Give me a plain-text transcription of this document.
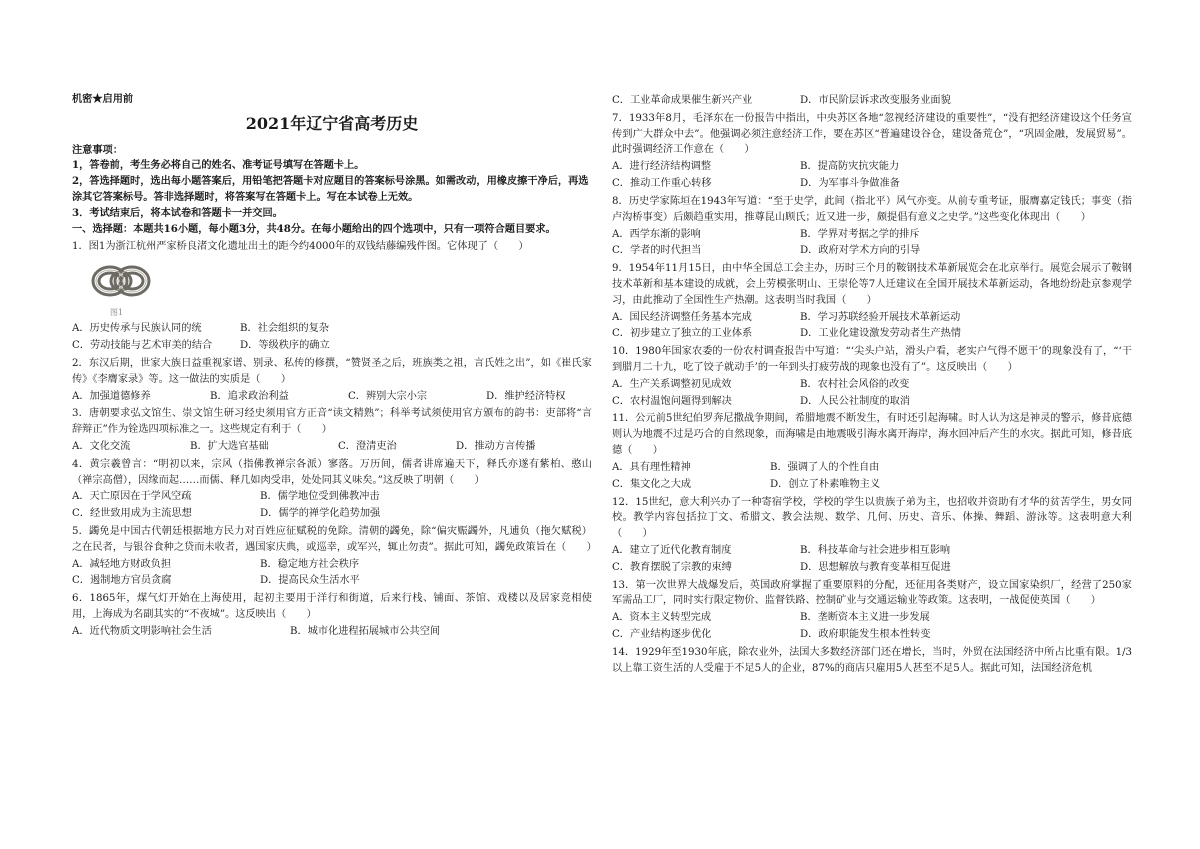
机密★启用前
2021年辽宁省高考历史
注意事项：

1，答卷前，考生务必将自己的姓名、准考证号填写在答题卡上。

2，答选择题时，选出每小题答案后，用铅笔把答题卡对应题目的答案标号涂黑。如需改动，用橡皮擦干净后，再选涂其它答案标号。答非选择题时，将答案写在答题卡上。写在本试卷上无效。

3．考试结束后，将本试卷和答题卡一并交回。

一、选择题：本题共16小题，每小题3分，共48分。在每小题给出的四个选项中，只有一项符合题目要求。

1．图1为浙江杭州严家桥良渚文化遗址出土的距今约4000年的双钱结藤编残件图。它体现了（　　）

图1
A．历史传承与民族认同的统	B．社会组织的复杂
C．劳动技能与艺术审美的结合	D．等级秩序的确立

2．东汉后期，世家大族日益重视家谱、别录、私传的修撰，“赞贤圣之后，班族类之祖，言氏姓之出”，如《崔氏家传》《李膺家录》等。这一做法的实质是（　　）

A．加强道德修养	B．追求政治利益	C．辨别大宗小宗	D．维护经济特权

3．唐朝要求弘文馆生、崇文馆生研习经史须用官方正音“读文精熟”；科举考试须使用官方颁布的韵书：吏部将“言辞辩正”作为铨选四项标准之一。这些规定有利于（　　）

A．文化交流	B．扩大选官基础	C．澄清吏治	D．推动方言传播

4．黄宗羲曾言：“明初以来，宗风（指佛教禅宗各派）寥落。万历间，儒者讲席遍天下，释氏亦遂有紫柏、憨山（禅宗高僧），因缘而起……而儒、释几如肉受串，处处同其义味矣。”这反映了明朝（　　）

A．天亡原因在于学风空疏	B．儒学地位受到佛教冲击
C．经世致用成为主流思想	D．儒学的禅学化趋势加强

5．蠲免是中国古代朝廷根据地方民力对百姓应征赋税的免除。清朝的蠲免，除“偏灾赈蠲外，凡逋负（拖欠赋税）之在民者，与银谷食种之贷而未收者，遇国家庆典，或巡幸，或军兴，辄止勿责”。据此可知，蠲免政策旨在（　　）

A．减轻地方财政负担	B．稳定地方社会秩序
C．遏制地方官员贪腐	D．提高民众生活水平

6．1865年，煤气灯开始在上海使用，起初主要用于洋行和街道，后来行栈、铺面、茶馆、戏楼以及居家竞相使用，上海成为名副其实的“不夜城”。这反映出（　　）

A．近代物质文明影响社会生活	B．城市化进程拓展城市公共空间
C．工业革命成果催生新兴产业	D．市民阶层诉求改变服务业面貌

7．1933年8月，毛泽东在一份报告中指出，中央苏区各地“忽视经济建设的重要性”，“没有把经济建设这个任务宣传到广大群众中去”。他强调必须注意经济工作，要在苏区“普遍建设谷仓，建设备荒仓”，“巩固金融，发展贸易”。此时强调经济工作意在（　　）

A．进行经济结构调整	B．提高防灾抗灾能力
C．推动工作重心转移	D．为军事斗争做准备

8．历史学家陈垣在1943年写道：“至于史学，此间（指北平）风气亦变。从前专重考证，服膺嘉定钱氏；事变（指卢沟桥事变）后颇趋重实用，推尊昆山顾氏；近又进一步，颇提倡有意义之史学。”这些变化体现出（　　）

A．西学东渐的影响	B．学界对考据之学的排斥
C．学者的时代担当	D．政府对学术方向的引导

9．1954年11月15日，由中华全国总工会主办，历时三个月的鞍钢技术革新展览会在北京举行。展览会展示了鞍钢技术革新和基本建设的成就，会上劳模张明山、王崇伦等7人迁建议在全国开展技术革新运动，各地纷纷赴京参观学习，由此推动了全国性生产热潮。这表明当时我国（　　）

A．国民经济调整任务基本完成	B．学习苏联经验开展技术革新运动
C．初步建立了独立的工业体系	D．工业化建设激发劳动者生产热情

10．1980年国家农委的一份农村调查报告中写道：“‘尖头户站，滑头户看，老实户气得不愿干’的现象没有了，“‘干到腊月二十九，吃了饺子就动手’的一年到头打疲劳战的现象也没有了”。这反映出（　　）

A．生产关系调整初见成效	B．农村社会风俗的改变
C．农村温饱问题得到解决	D．人民公社制度的取消

11．公元前5世纪伯罗奔尼撒战争期间，希腊地震不断发生，有时还引起海啸。时人认为这是神灵的警示，修昔底德则认为地震不过是巧合的自然现象，而海啸是由地震吸引海水离开海岸，海水回冲后产生的水灾。据此可知，修昔底德（　　）

A．具有理性精神	B．强调了人的个性自由
C．集文化之大成	D．创立了朴素唯物主义

12．15世纪，意大利兴办了一种寄宿学校，学校的学生以贵族子弟为主，也招收并资助有才华的贫苦学生，男女同校。教学内容包括拉丁文、希腊文、教会法规、数学、几何、历史、音乐、体操、舞蹈、游泳等。这表明意大利（　　）

A．建立了近代化教育制度	B．科技革命与社会进步相互影响
C．教育摆脱了宗教的束缚	D．思想解放与教育变革相互促进

13．第一次世界大战爆发后，英国政府掌握了重要原料的分配，还征用各类财产，设立国家染织厂，经营了250家军需品工厂，同时实行限定物价、监督铁路、控制矿业与交通运输业等政策。这表明，一战促使英国（　　）

A．资本主义转型完成	B．垄断资本主义进一步发展
C．产业结构逐步优化	D．政府职能发生根本性转变

14．1929年至1930年底，除农业外，法国大多数经济部门还在增长，当时，外贸在法国经济中所占比重有限。1/3以上靠工资生活的人受雇于不足5人的企业，87%的商店只雇用5人甚至不足5人。据此可知，法国经济危机
